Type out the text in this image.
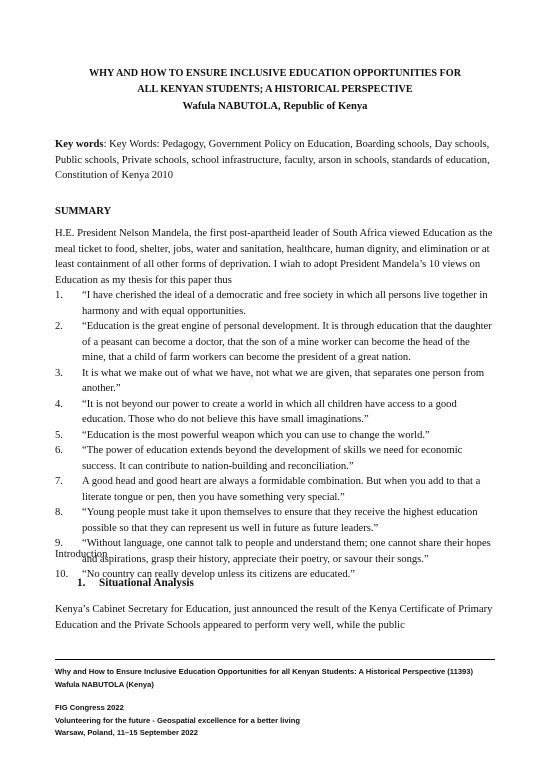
WHY AND HOW TO ENSURE INCLUSIVE EDUCATION OPPORTUNITIES FOR
ALL KENYAN STUDENTS; A HISTORICAL PERSPECTIVE
Wafula NABUTOLA, Republic of Kenya
Key words: Key Words: Pedagogy, Government Policy on Education, Boarding schools, Day schools, Public schools, Private schools, school infrastructure, faculty, arson in schools, standards of education, Constitution of Kenya 2010
SUMMARY
H.E. President Nelson Mandela, the first post-apartheid leader of South Africa viewed Education as the meal ticket to food, shelter, jobs, water and sanitation, healthcare, human dignity, and elimination or at least containment of all other forms of deprivation. I wiah to adopt President Mandela’s 10 views on Education as my thesis for this paper thus
1. “I have cherished the ideal of a democratic and free society in which all persons live together in harmony and with equal opportunities.
2. “Education is the great engine of personal development. It is through education that the daughter of a peasant can become a doctor, that the son of a mine worker can become the head of the mine, that a child of farm workers can become the president of a great nation.
3. It is what we make out of what we have, not what we are given, that separates one person from another.”
4. “It is not beyond our power to create a world in which all children have access to a good education. Those who do not believe this have small imaginations.”
5. “Education is the most powerful weapon which you can use to change the world.”
6. “The power of education extends beyond the development of skills we need for economic success. It can contribute to nation-building and reconciliation.”
7. A good head and good heart are always a formidable combination. But when you add to that a literate tongue or pen, then you have something very special.”
8. “Young people must take it upon themselves to ensure that they receive the highest education possible so that they can represent us well in future as future leaders.”
9. “Without language, one cannot talk to people and understand them; one cannot share their hopes and aspirations, grasp their history, appreciate their poetry, or savour their songs.”
10. “No country can really develop unless its citizens are educated.”
Introduction
1. Situational Analysis
Kenya’s Cabinet Secretary for Education, just announced the result of the Kenya Certificate of Primary Education and the Private Schools appeared to perform very well, while the public
Why and How to Ensure Inclusive Education Opportunities for all Kenyan Students: A Historical Perspective (11393)
Wafula NABUTOLA (Kenya)
FIG Congress 2022
Volunteering for the future - Geospatial excellence for a better living
Warsaw, Poland, 11–15 September 2022
